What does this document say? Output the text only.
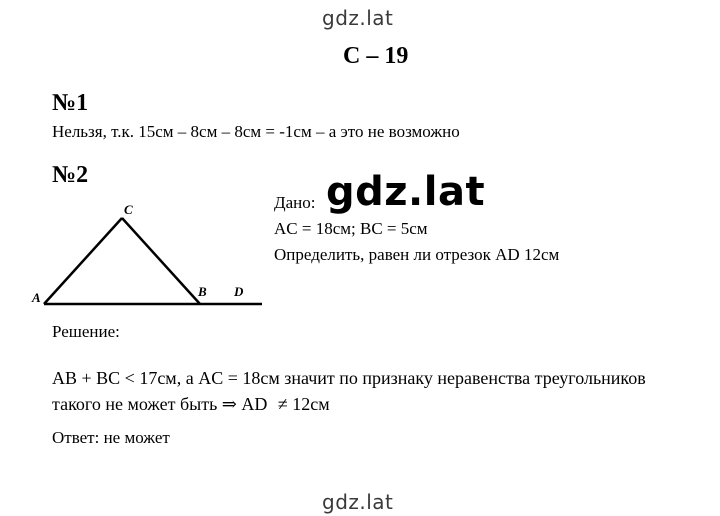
gdz.lat
С – 19
№1
Нельзя, т.к. 15см – 8см – 8см = -1см – а это не возможно
№2
A
C
B D
Дано: gdz.lat
AC = 18см; BC = 5см
Определить, равен ли отрезок AD 12см
Решение:
AB + BC < 17см, а AC = 18см значит по признаку неравенства треугольников
такого не может быть ⇒ AD ≠ 12см
Ответ: не может
gdz.lat
